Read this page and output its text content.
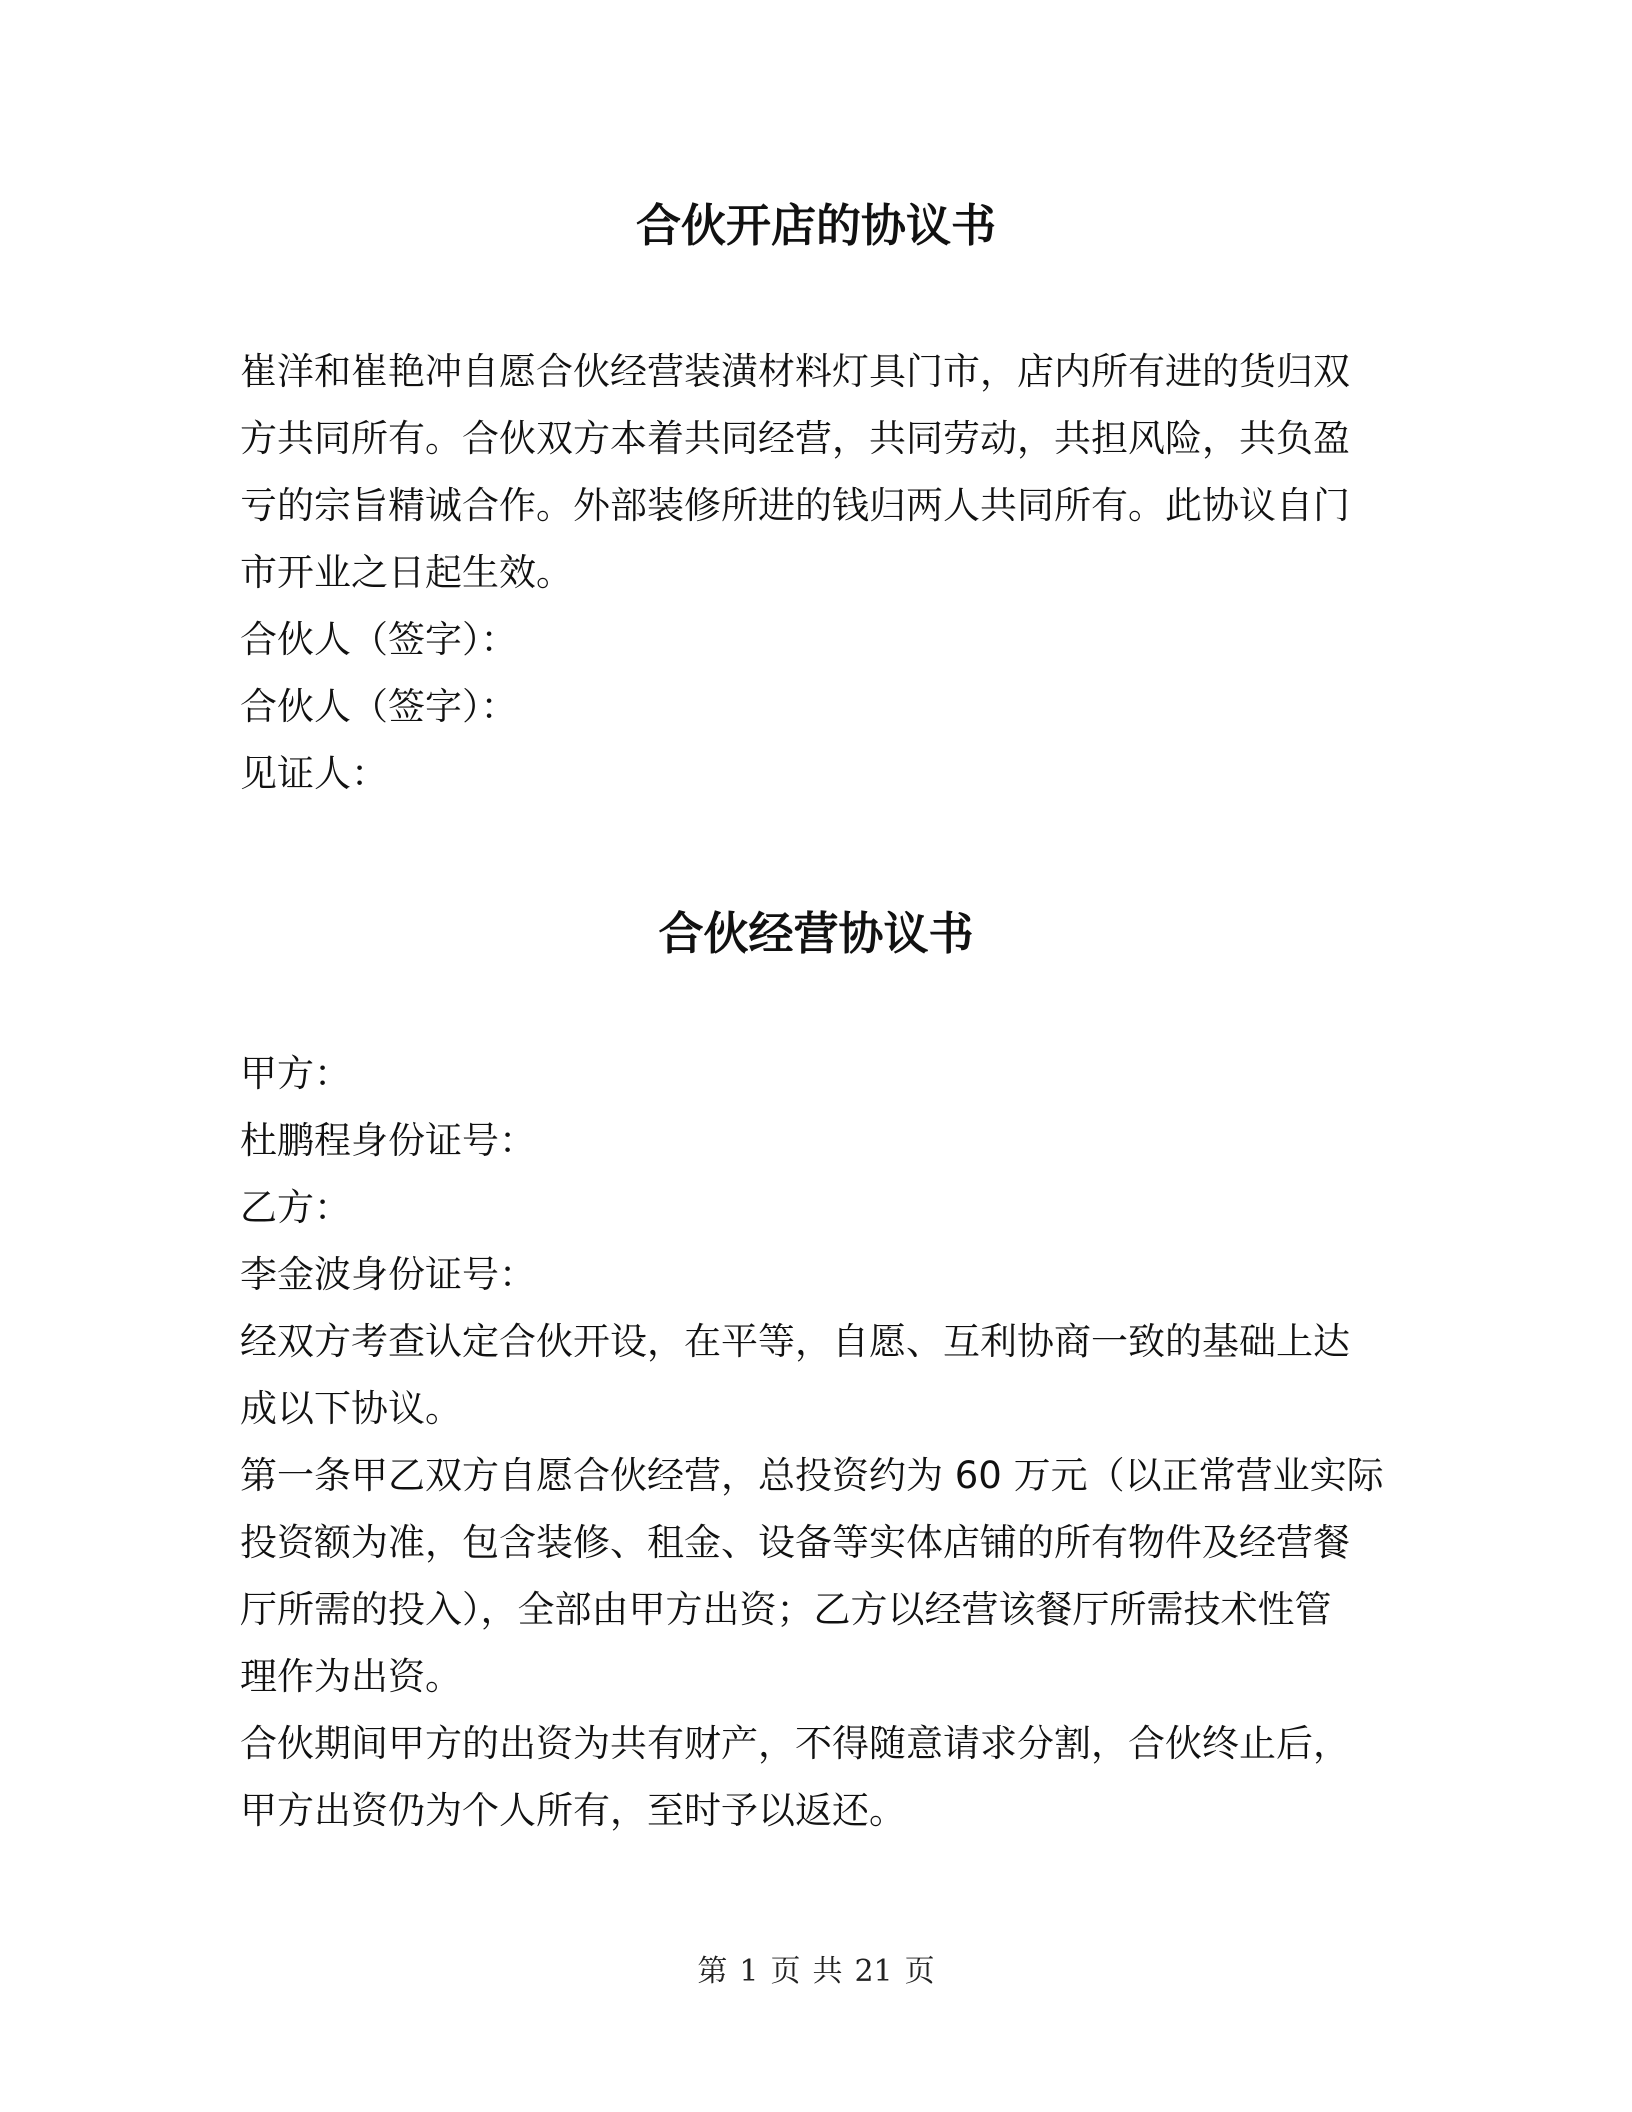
合伙开店的协议书

崔洋和崔艳冲自愿合伙经营装潢材料灯具门市，店内所有进的货归双

方共同所有。合伙双方本着共同经营，共同劳动，共担风险，共负盈

亏的宗旨精诚合作。外部装修所进的钱归两人共同所有。此协议自门

市开业之日起生效。

合伙人（签字）：

合伙人（签字）：

见证人：

合伙经营协议书

甲方：

杜鹏程身份证号：

乙方：

李金波身份证号：

经双方考查认定合伙开设，在平等，自愿、互利协商一致的基础上达

成以下协议。

第一条甲乙双方自愿合伙经营，总投资约为 60 万元（以正常营业实际

投资额为准，包含装修、租金、设备等实体店铺的所有物件及经营餐

厅所需的投入），全部由甲方出资；乙方以经营该餐厅所需技术性管

理作为出资。

合伙期间甲方的出资为共有财产，不得随意请求分割，合伙终止后，

甲方出资仍为个人所有，至时予以返还。

第 1 页 共 21 页
